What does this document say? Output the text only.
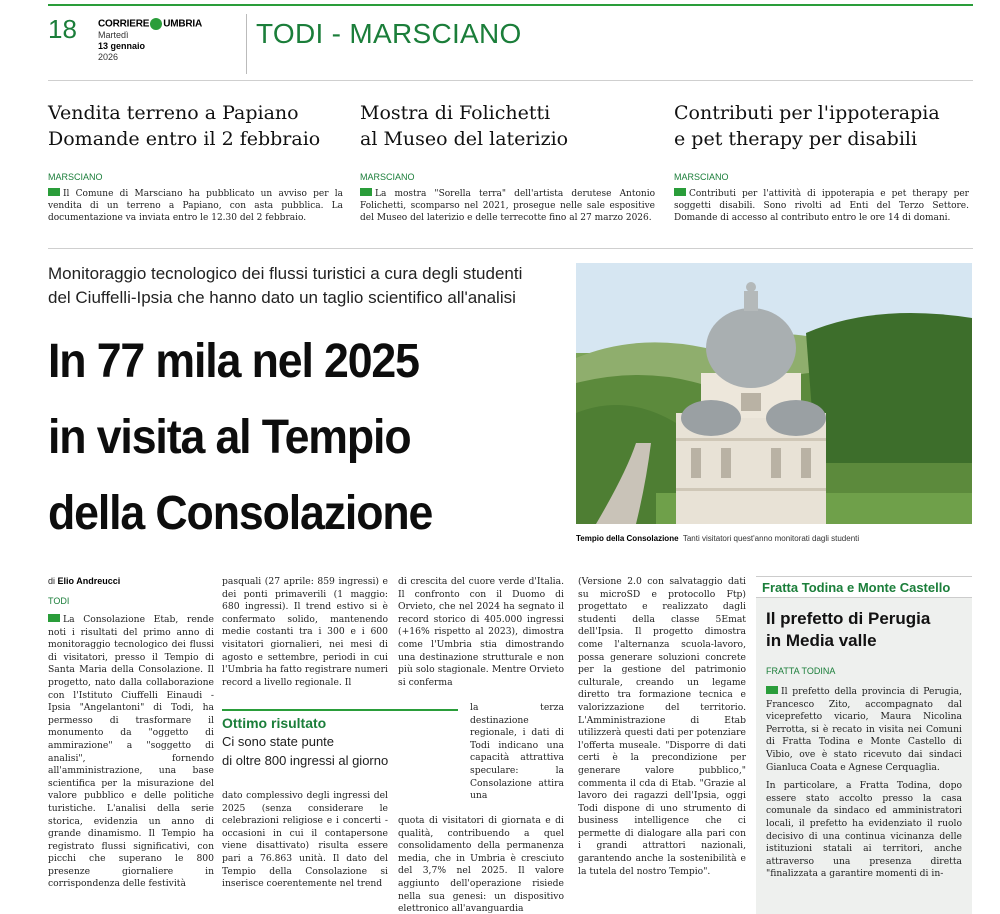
18 CORRIERE UMBRIA
Martedì
13 gennaio
2026
TODI - MARSCIANO
Vendita terreno a Papiano
Domande entro il 2 febbraio
MARSCIANO

Il Comune di Marsciano ha pubblicato un avviso per la vendita di un terreno a Papiano, con asta pubblica. La documentazione va inviata entro le 12.30 del 2 febbraio.

Mostra di Folichetti
al Museo del laterizio
MARSCIANO

La mostra "Sorella terra" dell'artista derutese Antonio Folichetti, scomparso nel 2021, prosegue nelle sale espositive del Museo del laterizio e delle terrecotte fino al 27 marzo 2026.

Contributi per l'ippoterapia
e pet therapy per disabili
MARSCIANO

Contributi per l'attività di ippoterapia e pet therapy per soggetti disabili. Sono rivolti ad Enti del Terzo Settore. Domande di accesso al contributo entro le ore 14 di domani.

Monitoraggio tecnologico dei flussi turistici a cura degli studenti
del Ciuffelli-Ipsia che hanno dato un taglio scientifico all'analisi
In 77 mila nel 2025
in visita al Tempio
della Consolazione	Tempio della Consolazione Tanti visitatori quest'anno monitorati dagli studenti
di Elio Andreucci
TODI
La Consolazione Etab, rende noti i risultati del primo anno di monitoraggio tecnologico dei flussi di visitatori, presso il Tempio di Santa Maria della Consolazione. Il progetto, nato dalla collaborazione con l'Istituto Ciuffelli Einaudi - Ipsia "Angelantoni" di Todi, ha permesso di trasformare il monumento da "oggetto di ammirazione" a "soggetto di analisi", fornendo all'amministrazione, una base scientifica per la misurazione del valore pubblico e delle politiche turistiche. L'analisi della serie storica, evidenzia un anno di grande dinamismo. Il Tempio ha registrato flussi significativi, con picchi che superano le 800 presenze giornaliere in corrispondenza delle festività
pasquali (27 aprile: 859 ingressi) e dei ponti primaverili (1 maggio: 680 ingressi). Il trend estivo si è confermato solido, mantenendo medie costanti tra i 300 e i 600 visitatori giornalieri, nei mesi di agosto e settembre, periodi in cui l'Umbria ha fatto registrare numeri record a livello regionale. Il
dato complessivo degli ingressi del 2025 (senza considerare le celebrazioni religiose e i concerti - occasioni in cui il contapersone viene disattivato) risulta essere pari a 76.863 unità. Il dato del Tempio della Consolazione si inserisce coerentemente nel trend
di crescita del cuore verde d'Italia. Il confronto con il Duomo di Orvieto, che nel 2024 ha segnato il record storico di 405.000 ingressi (+16% rispetto al 2023), dimostra come l'Umbria stia dimostrando una destinazione strutturale e non più solo stagionale. Mentre Orvieto si conferma
la terza destinazione regionale, i dati di Todi indicano una capacità attrattiva speculare: la Consolazione attira una
quota di visitatori di giornata e di qualità, contribuendo a quel consolidamento della permanenza media, che in Umbria è cresciuto del 3,7% nel 2025. Il valore aggiunto dell'operazione risiede nella sua genesi: un dispositivo elettronico all'avanguardia
(Versione 2.0 con salvataggio dati su microSD e protocollo Ftp) progettato e realizzato dagli studenti della classe 5Emat dell'Ipsia. Il progetto dimostra come l'alternanza scuola-lavoro, possa generare soluzioni concrete per la gestione del patrimonio culturale, creando un legame diretto tra formazione tecnica e valorizzazione del territorio. L'Amministrazione di Etab utilizzerà questi dati per potenziare l'offerta museale. "Disporre di dati certi è la precondizione per generare valore pubblico," commenta il cda di Etab. "Grazie al lavoro dei ragazzi dell'Ipsia, oggi Todi dispone di uno strumento di business intelligence che ci permette di dialogare alla pari con i grandi attrattori nazionali, garantendo anche la sostenibilità e la tutela del nostro Tempio".
Ottimo risultato
Ci sono state punte
di oltre 800 ingressi al giorno
Fratta Todina e Monte Castello
Il prefetto di Perugia
in Media valle
FRATTA TODINA

Il prefetto della provincia di Perugia, Francesco Zito, accompagnato dal viceprefetto vicario, Maura Nicolina Perrotta, si è recato in visita nei Comuni di Fratta Todina e Monte Castello di Vibio, ove è stato ricevuto dai sindaci Gianluca Coata e Agnese Cerquaglia.

In particolare, a Fratta Todina, dopo essere stato accolto presso la casa comunale da sindaco ed amministratori locali, il prefetto ha evidenziato il ruolo decisivo di una continua vicinanza delle istituzioni statali ai territori, anche attraverso una presenza diretta "finalizzata a garantire momenti di in-
